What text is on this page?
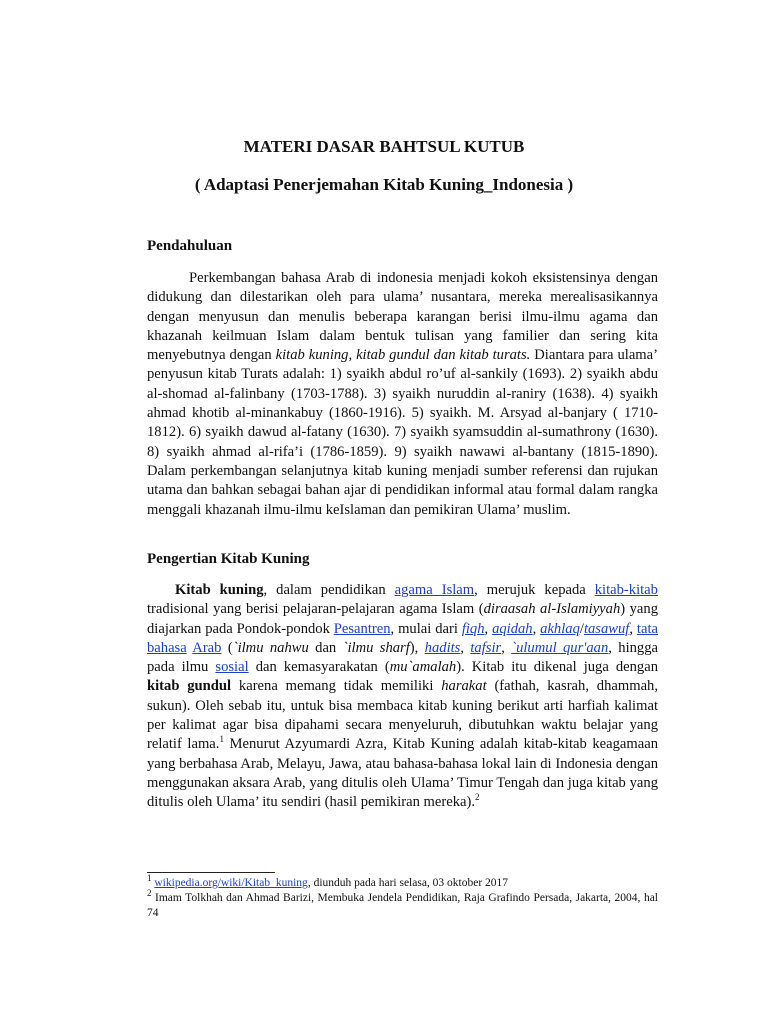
MATERI DASAR BAHTSUL KUTUB
( Adaptasi Penerjemahan Kitab Kuning_Indonesia )
Pendahuluan

Perkembangan bahasa Arab di indonesia menjadi kokoh eksistensinya dengan didukung dan dilestarikan oleh para ulama’ nusantara, mereka merealisasikannya dengan menyusun dan menulis beberapa karangan berisi ilmu-ilmu agama dan khazanah keilmuan Islam dalam bentuk tulisan yang familier dan sering kita menyebutnya dengan kitab kuning, kitab gundul dan kitab turats. Diantara para ulama’ penyusun kitab Turats adalah: 1) syaikh abdul ro’uf al-sankily (1693). 2) syaikh abdu al-shomad al-falinbany (1703-1788). 3) syaikh nuruddin al-raniry (1638). 4) syaikh ahmad khotib al-minankabuy (1860-1916). 5) syaikh. M. Arsyad al-banjary ( 1710-1812). 6) syaikh dawud al-fatany (1630). 7) syaikh syamsuddin al-sumathrony (1630). 8) syaikh ahmad al-rifa’i (1786-1859). 9) syaikh nawawi al-bantany (1815-1890). Dalam perkembangan selanjutnya kitab kuning menjadi sumber referensi dan rujukan utama dan bahkan sebagai bahan ajar di pendidikan informal atau formal dalam rangka menggali khazanah ilmu-ilmu keIslaman dan pemikiran Ulama’ muslim.

Pengertian Kitab Kuning

Kitab kuning, dalam pendidikan agama Islam, merujuk kepada kitab-kitab tradisional yang berisi pelajaran-pelajaran agama Islam (diraasah al-Islamiyyah) yang diajarkan pada Pondok-pondok Pesantren, mulai dari fiqh, aqidah, akhlaq/tasawuf, tata bahasa Arab (`ilmu nahwu dan `ilmu sharf), hadits, tafsir, `ulumul qur'aan, hingga pada ilmu sosial dan kemasyarakatan (mu`amalah). Kitab itu dikenal juga dengan kitab gundul karena memang tidak memiliki harakat (fathah, kasrah, dhammah, sukun). Oleh sebab itu, untuk bisa membaca kitab kuning berikut arti harfiah kalimat per kalimat agar bisa dipahami secara menyeluruh, dibutuhkan waktu belajar yang relatif lama.$^1$ Menurut Azyumardi Azra, Kitab Kuning adalah kitab-kitab keagamaan yang berbahasa Arab, Melayu, Jawa, atau bahasa-bahasa lokal lain di Indonesia dengan menggunakan aksara Arab, yang ditulis oleh Ulama’ Timur Tengah dan juga kitab yang ditulis oleh Ulama’ itu sendiri (hasil pemikiran mereka).$^2$

$^1$ wikipedia.org/wiki/Kitab_kuning, diunduh pada hari selasa, 03 oktober 2017

$^2$ Imam Tolkhah dan Ahmad Barizi, Membuka Jendela Pendidikan, Raja Grafindo Persada, Jakarta, 2004, hal 74
